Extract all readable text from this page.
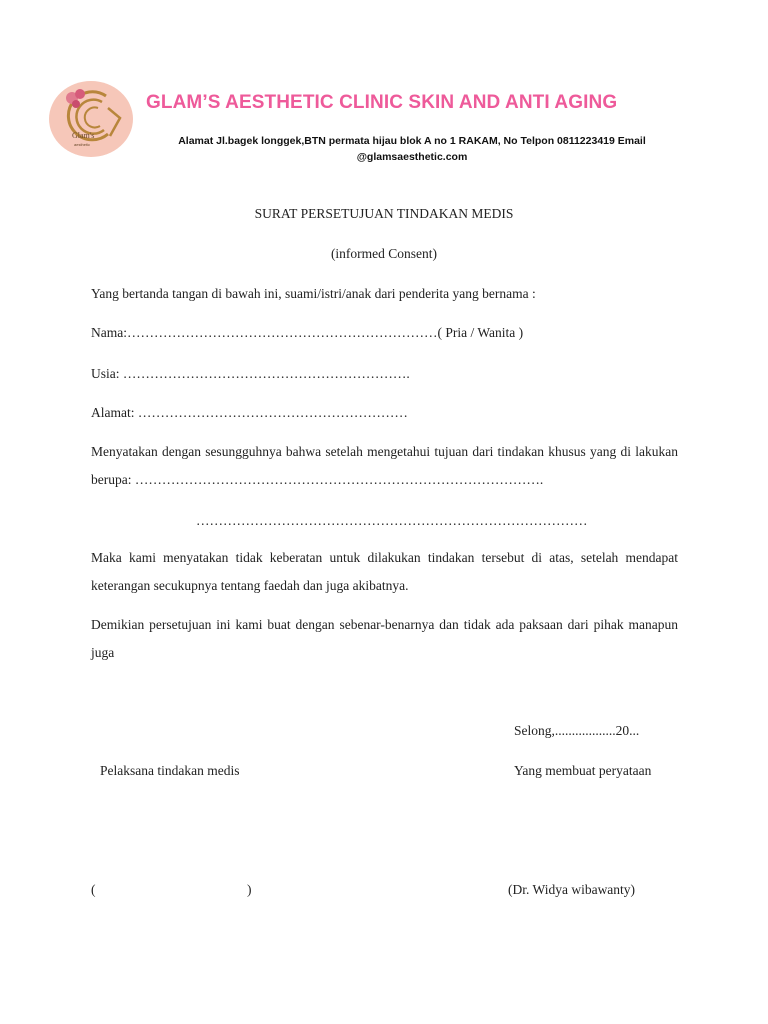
Glam's
aesthetic
GLAM’S AESTHETIC CLINIC SKIN AND ANTI AGING
Alamat Jl.bagek longgek,BTN permata hijau blok A no 1 RAKAM, No Telpon 0811223419 Email
@glamsaesthetic.com
SURAT PERSETUJUAN TINDAKAN MEDIS
(informed Consent)
Yang bertanda tangan di bawah ini, suami/istri/anak dari penderita yang bernama :
Nama:……………………………………………………………( Pria / Wanita )
Usia: ……………………………………………………….
Alamat: ……………………………………………………
Menyatakan dengan sesungguhnya bahwa setelah mengetahui tujuan dari tindakan khusus yang di lakukan berupa: ……………………………………………………………………………….
……………………………………………………………………………
Maka kami menyatakan tidak keberatan untuk dilakukan tindakan tersebut di atas, setelah mendapat keterangan secukupnya tentang faedah dan juga akibatnya.
Demikian persetujuan ini kami buat dengan sebenar-benarnya dan tidak ada paksaan dari pihak manapun juga
Selong,..................20...
Pelaksana tindakan medis	Yang membuat peryataan
(	)	(Dr. Widya wibawanty)
